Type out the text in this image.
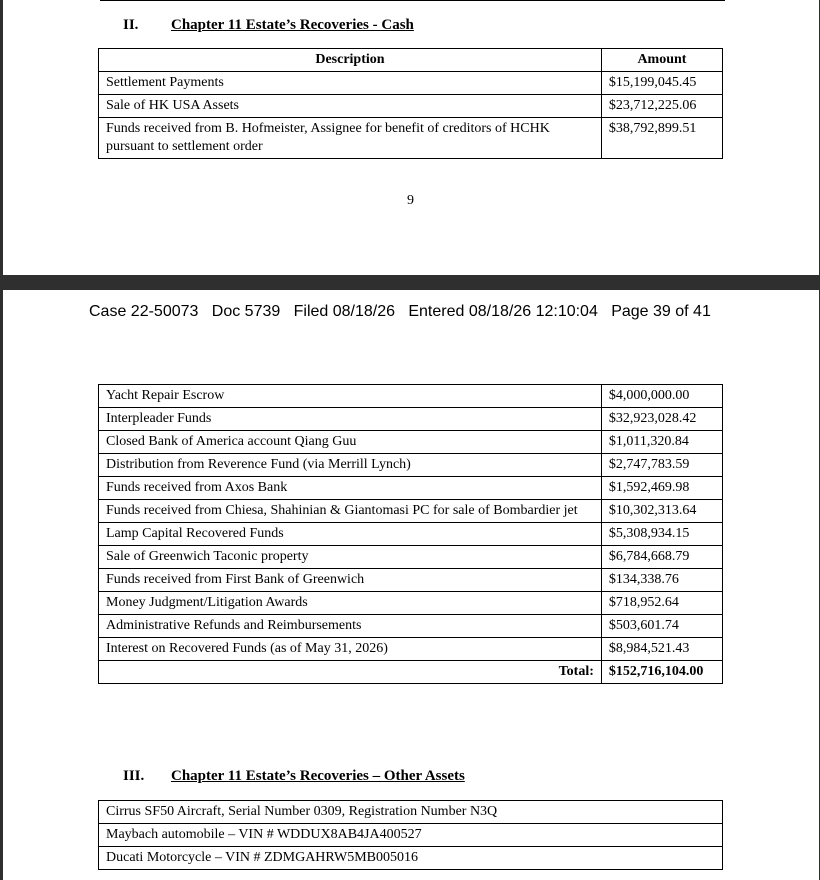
II. Chapter 11 Estate’s Recoveries - Cash
Description	Amount
Settlement Payments	$15,199,045.45
Sale of HK USA Assets	$23,712,225.06
Funds received from B. Hofmeister, Assignee for benefit of creditors of HCHK pursuant to settlement order	$38,792,899.51
9
Case 22-50073 Doc 5739 Filed 08/18/26 Entered 08/18/26 12:10:04 Page 39 of 41
Yacht Repair Escrow	$4,000,000.00
Interpleader Funds	$32,923,028.42
Closed Bank of America account Qiang Guu	$1,011,320.84
Distribution from Reverence Fund (via Merrill Lynch)	$2,747,783.59
Funds received from Axos Bank	$1,592,469.98
Funds received from Chiesa, Shahinian & Giantomasi PC for sale of Bombardier jet	$10,302,313.64
Lamp Capital Recovered Funds	$5,308,934.15
Sale of Greenwich Taconic property	$6,784,668.79
Funds received from First Bank of Greenwich	$134,338.76
Money Judgment/Litigation Awards	$718,952.64
Administrative Refunds and Reimbursements	$503,601.74
Interest on Recovered Funds (as of May 31, 2026)	$8,984,521.43
Total:	$152,716,104.00
III. Chapter 11 Estate’s Recoveries – Other Assets
Cirrus SF50 Aircraft, Serial Number 0309, Registration Number N3Q
Maybach automobile – VIN # WDDUX8AB4JA400527
Ducati Motorcycle – VIN # ZDMGAHRW5MB005016
